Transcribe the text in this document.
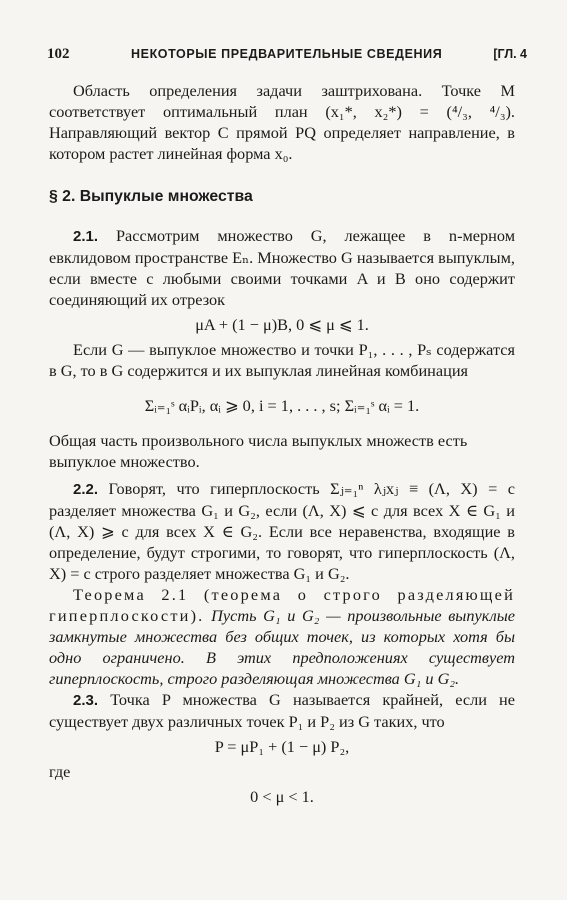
102	НЕКОТОРЫЕ ПРЕДВАРИТЕЛЬНЫЕ СВЕДЕНИЯ	[ГЛ. 4

Область определения задачи заштрихована. Точке M соответствует оптимальный план (x₁*, x₂*) = (⁴/₃, ⁴/₃). Направляющий вектор C прямой PQ определяет направление, в котором растет линейная форма x₀.

§ 2. Выпуклые множества

2.1. Рассмотрим множество G, лежащее в n-мерном евклидовом пространстве Eₙ. Множество G называется выпуклым, если вместе с любыми своими точками A и B оно содержит соединяющий их отрезок

μA + (1 − μ)B, 0 ⩽ μ ⩽ 1.

Если G — выпуклое множество и точки P₁, . . . , Pₛ содержатся в G, то в G содержится и их выпуклая линейная комбинация

Σᵢ₌₁ˢ αᵢPᵢ, αᵢ ⩾ 0, i = 1, . . . , s; Σᵢ₌₁ˢ αᵢ = 1.

Общая часть произвольного числа выпуклых множеств есть выпуклое множество.

2.2. Говорят, что гиперплоскость Σⱼ₌₁ⁿ λⱼxⱼ ≡ (Λ, X) = c разделяет множества G₁ и G₂, если (Λ, X) ⩽ c для всех X ∈ G₁ и (Λ, X) ⩾ c для всех X ∈ G₂. Если все неравенства, входящие в определение, будут строгими, то говорят, что гиперплоскость (Λ, X) = c строго разделяет множества G₁ и G₂.

Теорема 2.1 (теорема о строго разделяющей гиперплоскости). Пусть G₁ и G₂ — произвольные выпуклые замкнутые множества без общих точек, из которых хотя бы одно ограничено. В этих предположениях существует гиперплоскость, строго разделяющая множества G₁ и G₂.

2.3. Точка P множества G называется крайней, если не существует двух различных точек P₁ и P₂ из G таких, что

P = μP₁ + (1 − μ) P₂,

где

0 < μ < 1.
